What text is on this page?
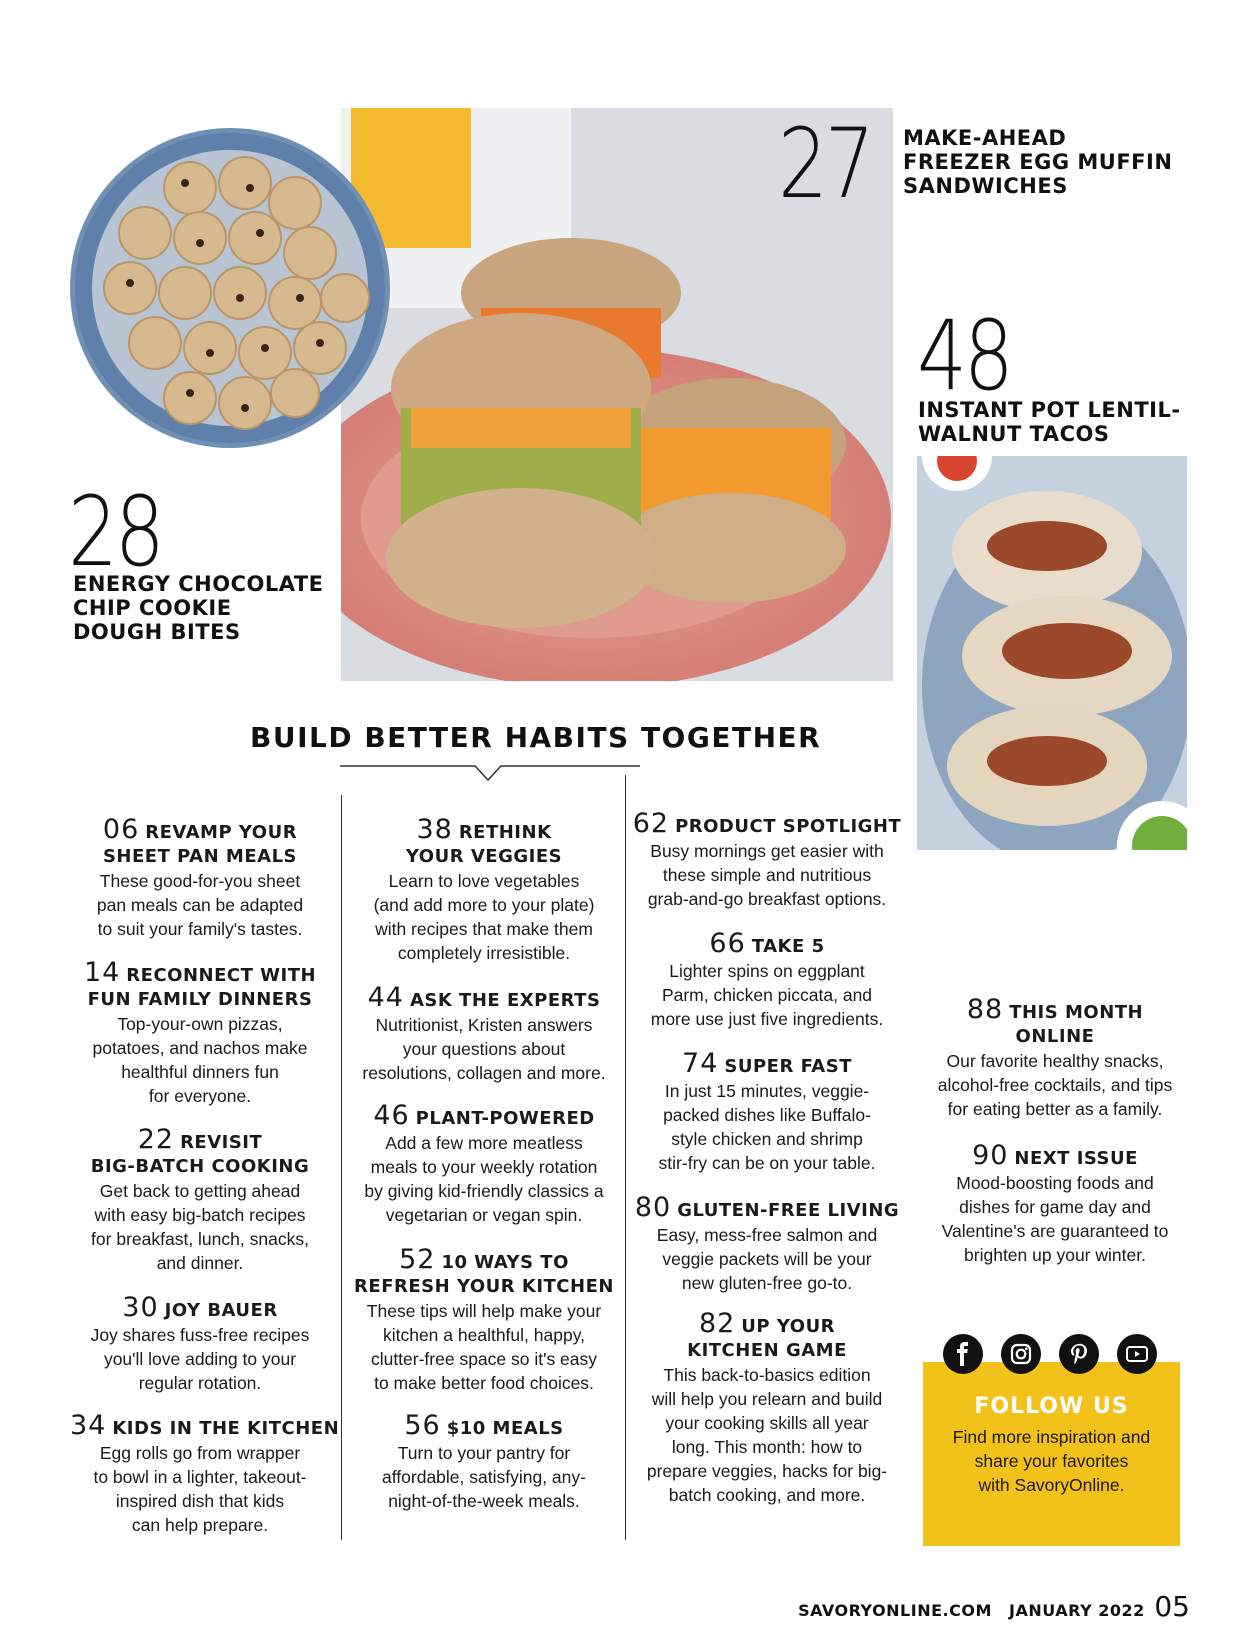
27 MAKE-AHEAD
FREEZER EGG MUFFIN
SANDWICHES
48
INSTANT POT LENTIL-
WALNUT TACOS
28
ENERGY CHOCOLATE
CHIP COOKIE
DOUGH BITES
BUILD BETTER HABITS TOGETHER
06 REVAMP YOUR
SHEET PAN MEALS
These good-for-you sheet
pan meals can be adapted
to suit your family's tastes.
14 RECONNECT WITH
FUN FAMILY DINNERS
Top-your-own pizzas,
potatoes, and nachos make
healthful dinners fun
for everyone.
22 REVISIT
BIG-BATCH COOKING
Get back to getting ahead
with easy big-batch recipes
for breakfast, lunch, snacks,
and dinner.
30 JOY BAUER
Joy shares fuss-free recipes
you'll love adding to your
regular rotation.
34 KIDS IN THE KITCHEN
Egg rolls go from wrapper
to bowl in a lighter, takeout-
inspired dish that kids
can help prepare.
38 RETHINK
YOUR VEGGIES
Learn to love vegetables
(and add more to your plate)
with recipes that make them
completely irresistible.
44 ASK THE EXPERTS
Nutritionist, Kristen answers
your questions about
resolutions, collagen and more.
46 PLANT-POWERED
Add a few more meatless
meals to your weekly rotation
by giving kid-friendly classics a
vegetarian or vegan spin.
52 10 WAYS TO
REFRESH YOUR KITCHEN
These tips will help make your
kitchen a healthful, happy,
clutter-free space so it's easy
to make better food choices.
56 $10 MEALS
Turn to your pantry for
affordable, satisfying, any-
night-of-the-week meals.
62 PRODUCT SPOTLIGHT
Busy mornings get easier with
these simple and nutritious
grab-and-go breakfast options.
66 TAKE 5
Lighter spins on eggplant
Parm, chicken piccata, and
more use just five ingredients.
74 SUPER FAST
In just 15 minutes, veggie-
packed dishes like Buffalo-
style chicken and shrimp
stir-fry can be on your table.
80 GLUTEN-FREE LIVING
Easy, mess-free salmon and
veggie packets will be your
new gluten-free go-to.
82 UP YOUR
KITCHEN GAME
This back-to-basics edition
will help you relearn and build
your cooking skills all year
long. This month: how to
prepare veggies, hacks for big-
batch cooking, and more.
88 THIS MONTH
ONLINE
Our favorite healthy snacks,
alcohol-free cocktails, and tips
for eating better as a family.
90 NEXT ISSUE
Mood-boosting foods and
dishes for game day and
Valentine's are guaranteed to
brighten up your winter.
FOLLOW US
Find more inspiration and
share your favorites
with SavoryOnline.
SAVORYONLINE.COM JANUARY 2022 05
